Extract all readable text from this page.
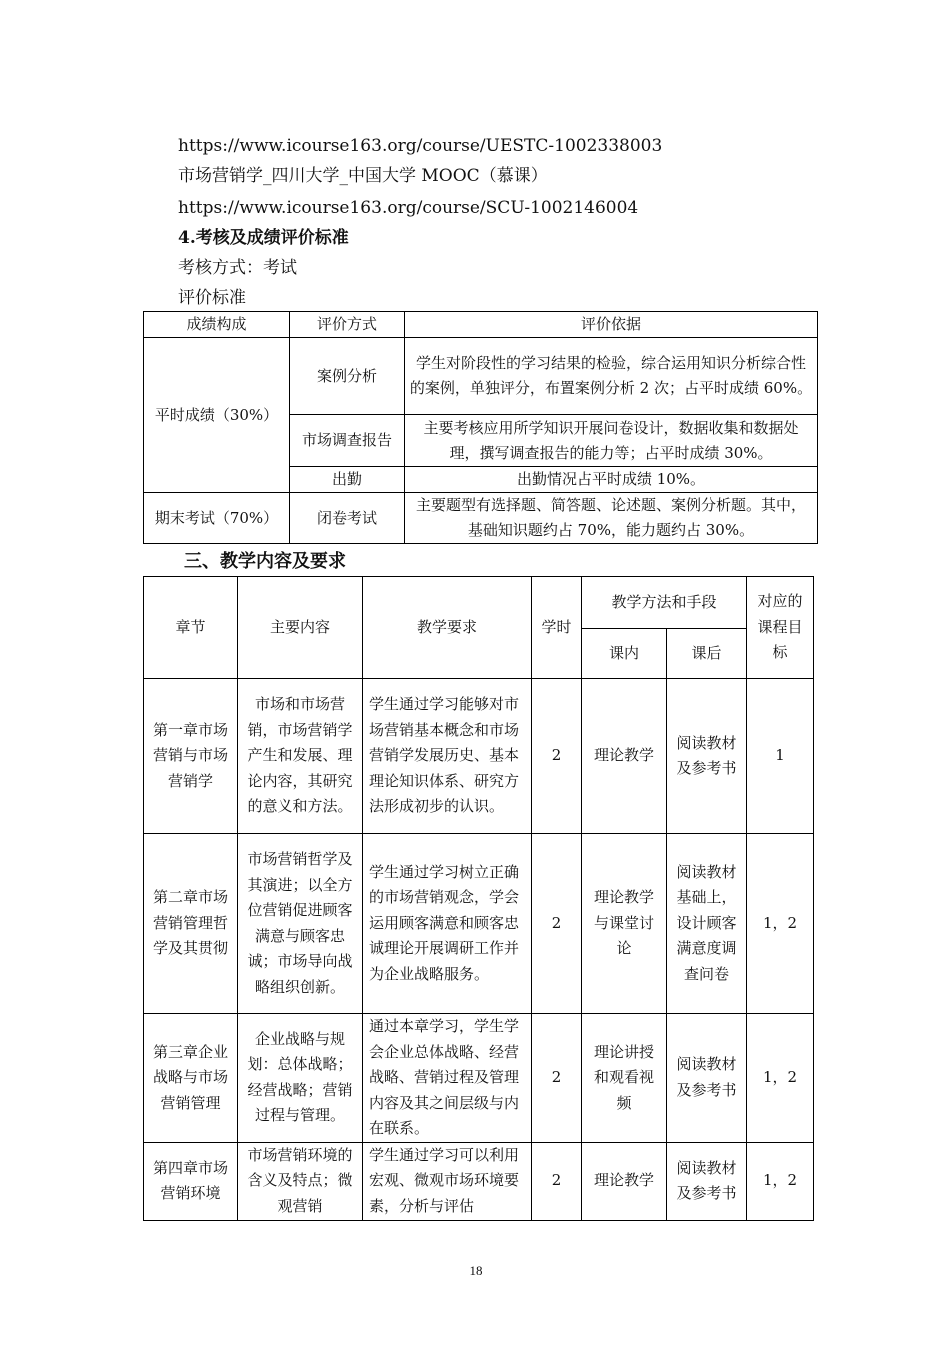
https://www.icourse163.org/course/UESTC-1002338003
市场营销学_四川大学_中国大学 MOOC（慕课）
https://www.icourse163.org/course/SCU-1002146004
4.考核及成绩评价标准
考核方式：考试
评价标准
成绩构成	评价方式	评价依据
平时成绩（30%）	案例分析	学生对阶段性的学习结果的检验，综合运用知识分析综合性的案例，单独评分，布置案例分析 2 次；占平时成绩 60%。
	市场调查报告	主要考核应用所学知识开展问卷设计，数据收集和数据处理，撰写调查报告的能力等；占平时成绩 30%。
	出勤	出勤情况占平时成绩 10%。
期末考试（70%）	闭卷考试	主要题型有选择题、简答题、论述题、案例分析题。其中，基础知识题约占 70%，能力题约占 30%。
三、教学内容及要求
章节	主要内容	教学要求	学时	教学方法和手段		对应的课程目标
				课内	课后	
第一章市场营销与市场营销学	市场和市场营销，市场营销学产生和发展、理论内容，其研究的意义和方法。	学生通过学习能够对市场营销基本概念和市场营销学发展历史、基本理论知识体系、研究方法形成初步的认识。	2	理论教学	阅读教材及参考书	1
第二章市场营销管理哲学及其贯彻	市场营销哲学及其演进；以全方位营销促进顾客满意与顾客忠诚；市场导向战略组织创新。	学生通过学习树立正确的市场营销观念，学会运用顾客满意和顾客忠诚理论开展调研工作并为企业战略服务。	2	理论教学与课堂讨论	阅读教材基础上，设计顾客满意度调查问卷	1，2
第三章企业战略与市场营销管理	企业战略与规划：总体战略；经营战略；营销过程与管理。	通过本章学习，学生学会企业总体战略、经营战略、营销过程及管理内容及其之间层级与内在联系。	2	理论讲授和观看视频	阅读教材及参考书	1，2
第四章市场营销环境	市场营销环境的含义及特点；微观营销	学生通过学习可以利用宏观、微观市场环境要素，分析与评估	2	理论教学	阅读教材及参考书	1，2
18
